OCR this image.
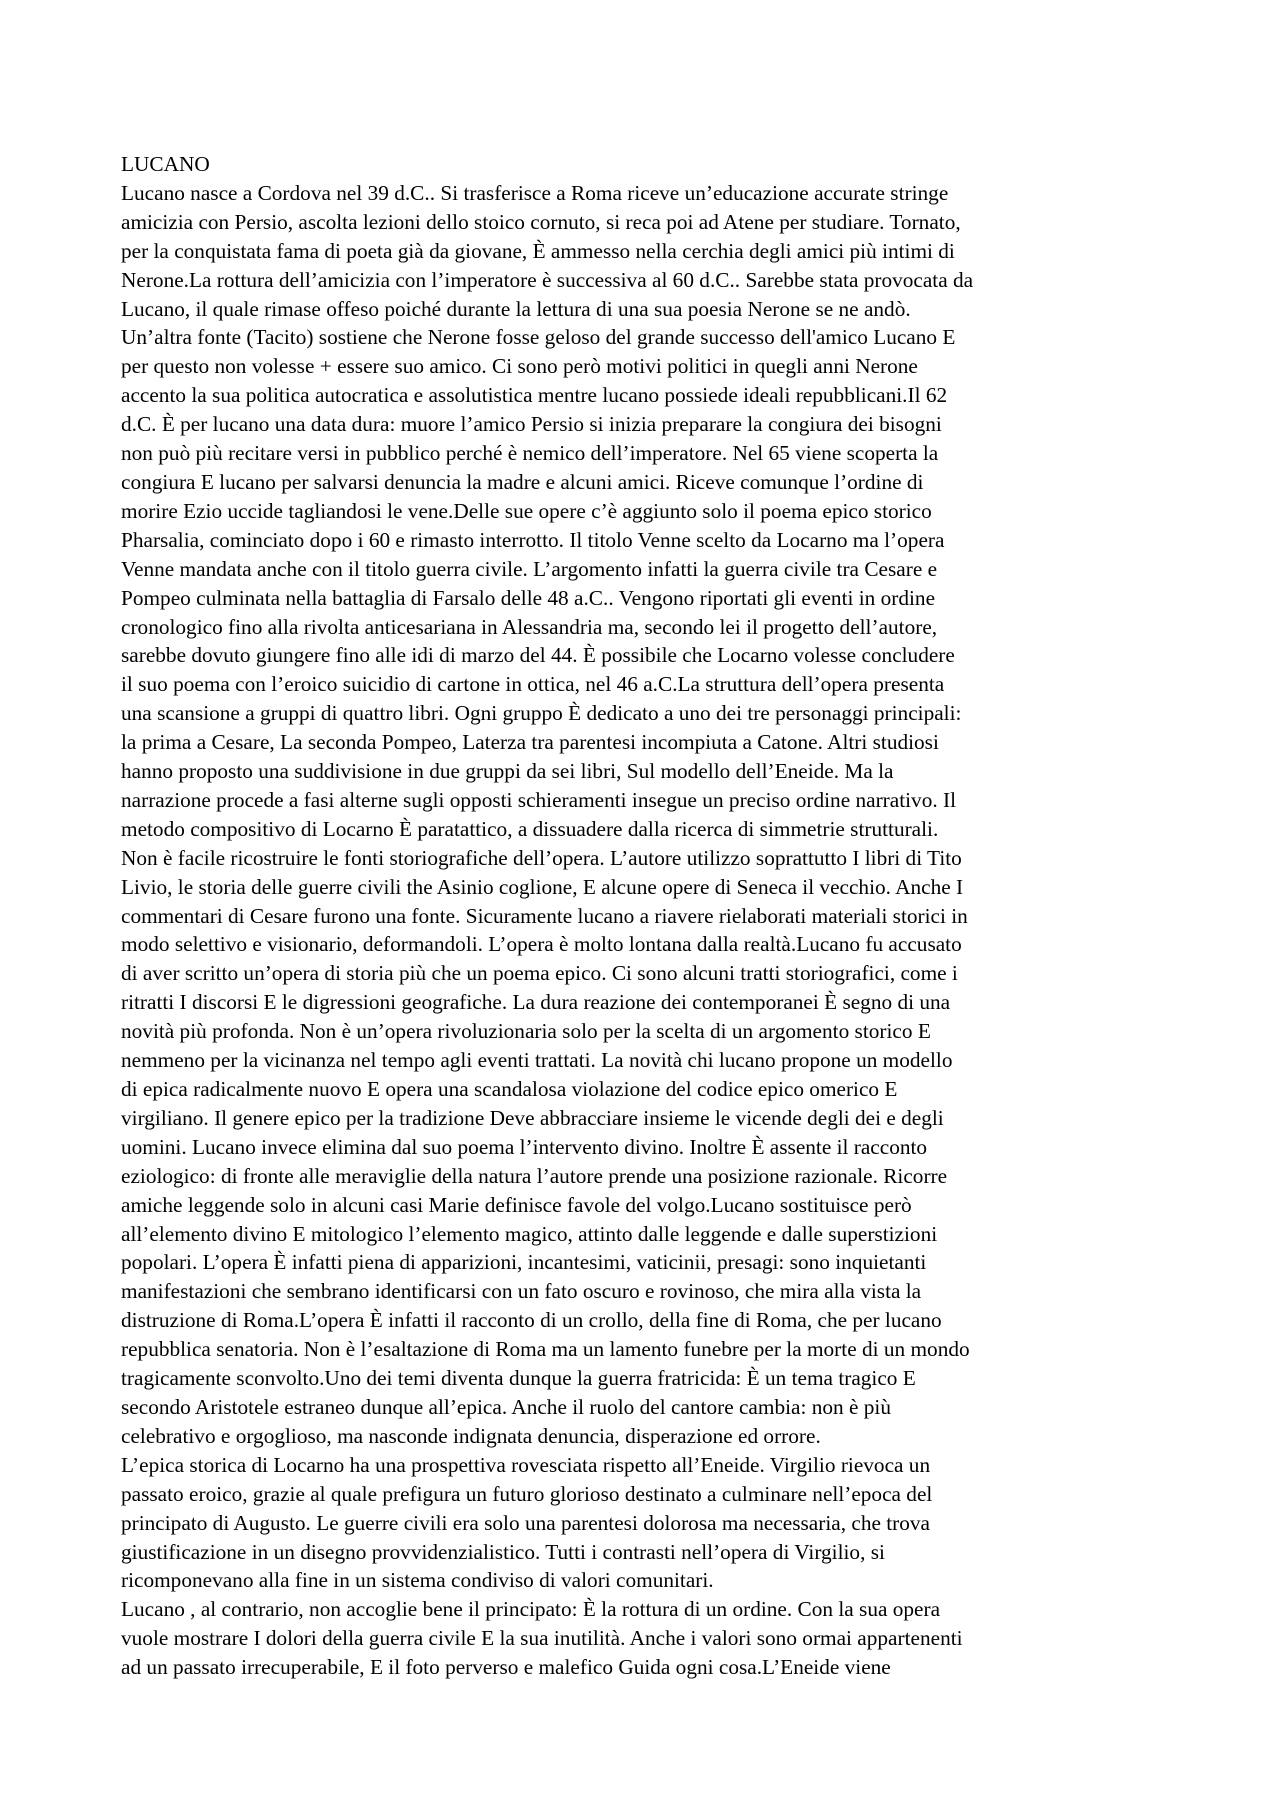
LUCANO
Lucano nasce a Cordova nel 39 d.C.. Si trasferisce a Roma riceve un’educazione accurate stringe
amicizia con Persio, ascolta lezioni dello stoico cornuto, si reca poi ad Atene per studiare. Tornato,
per la conquistata fama di poeta già da giovane, È ammesso nella cerchia degli amici più intimi di
Nerone.La rottura dell’amicizia con l’imperatore è successiva al 60 d.C.. Sarebbe stata provocata da
Lucano, il quale rimase offeso poiché durante la lettura di una sua poesia Nerone se ne andò.
Un’altra fonte (Tacito) sostiene che Nerone fosse geloso del grande successo dell'amico Lucano E
per questo non volesse + essere suo amico. Ci sono però motivi politici in quegli anni Nerone
accento la sua politica autocratica e assolutistica mentre lucano possiede ideali repubblicani.Il 62
d.C. È per lucano una data dura: muore l’amico Persio si inizia preparare la congiura dei bisogni
non può più recitare versi in pubblico perché è nemico dell’imperatore. Nel 65 viene scoperta la
congiura E lucano per salvarsi denuncia la madre e alcuni amici. Riceve comunque l’ordine di
morire Ezio uccide tagliandosi le vene.Delle sue opere c’è aggiunto solo il poema epico storico
Pharsalia, cominciato dopo i 60 e rimasto interrotto. Il titolo Venne scelto da Locarno ma l’opera
Venne mandata anche con il titolo guerra civile. L’argomento infatti la guerra civile tra Cesare e
Pompeo culminata nella battaglia di Farsalo delle 48 a.C.. Vengono riportati gli eventi in ordine
cronologico fino alla rivolta anticesariana in Alessandria ma, secondo lei il progetto dell’autore,
sarebbe dovuto giungere fino alle idi di marzo del 44. È possibile che Locarno volesse concludere
il suo poema con l’eroico suicidio di cartone in ottica, nel 46 a.C.La struttura dell’opera presenta
una scansione a gruppi di quattro libri. Ogni gruppo È dedicato a uno dei tre personaggi principali:
la prima a Cesare, La seconda Pompeo, Laterza tra parentesi incompiuta a Catone. Altri studiosi
hanno proposto una suddivisione in due gruppi da sei libri, Sul modello dell’Eneide. Ma la
narrazione procede a fasi alterne sugli opposti schieramenti insegue un preciso ordine narrativo. Il
metodo compositivo di Locarno È paratattico, a dissuadere dalla ricerca di simmetrie strutturali.
Non è facile ricostruire le fonti storiografiche dell’opera. L’autore utilizzo soprattutto I libri di Tito
Livio, le storia delle guerre civili the Asinio coglione, E alcune opere di Seneca il vecchio. Anche I
commentari di Cesare furono una fonte. Sicuramente lucano a riavere rielaborati materiali storici in
modo selettivo e visionario, deformandoli. L’opera è molto lontana dalla realtà.Lucano fu accusato
di aver scritto un’opera di storia più che un poema epico. Ci sono alcuni tratti storiografici, come i
ritratti I discorsi E le digressioni geografiche. La dura reazione dei contemporanei È segno di una
novità più profonda. Non è un’opera rivoluzionaria solo per la scelta di un argomento storico E
nemmeno per la vicinanza nel tempo agli eventi trattati. La novità chi lucano propone un modello
di epica radicalmente nuovo E opera una scandalosa violazione del codice epico omerico E
virgiliano. Il genere epico per la tradizione Deve abbracciare insieme le vicende degli dei e degli
uomini. Lucano invece elimina dal suo poema l’intervento divino. Inoltre È assente il racconto
eziologico: di fronte alle meraviglie della natura l’autore prende una posizione razionale. Ricorre
amiche leggende solo in alcuni casi Marie definisce favole del volgo.Lucano sostituisce però
all’elemento divino E mitologico l’elemento magico, attinto dalle leggende e dalle superstizioni
popolari. L’opera È infatti piena di apparizioni, incantesimi, vaticinii, presagi: sono inquietanti
manifestazioni che sembrano identificarsi con un fato oscuro e rovinoso, che mira alla vista la
distruzione di Roma.L’opera È infatti il racconto di un crollo, della fine di Roma, che per lucano
repubblica senatoria. Non è l’esaltazione di Roma ma un lamento funebre per la morte di un mondo
tragicamente sconvolto.Uno dei temi diventa dunque la guerra fratricida: È un tema tragico E
secondo Aristotele estraneo dunque all’epica. Anche il ruolo del cantore cambia: non è più
celebrativo e orgoglioso, ma nasconde indignata denuncia, disperazione ed orrore.
L’epica storica di Locarno ha una prospettiva rovesciata rispetto all’Eneide. Virgilio rievoca un
passato eroico, grazie al quale prefigura un futuro glorioso destinato a culminare nell’epoca del
principato di Augusto. Le guerre civili era solo una parentesi dolorosa ma necessaria, che trova
giustificazione in un disegno provvidenzialistico. Tutti i contrasti nell’opera di Virgilio, si
ricomponevano alla fine in un sistema condiviso di valori comunitari.
Lucano , al contrario, non accoglie bene il principato: È la rottura di un ordine. Con la sua opera
vuole mostrare I dolori della guerra civile E la sua inutilità. Anche i valori sono ormai appartenenti
ad un passato irrecuperabile, E il foto perverso e malefico Guida ogni cosa.L’Eneide viene
